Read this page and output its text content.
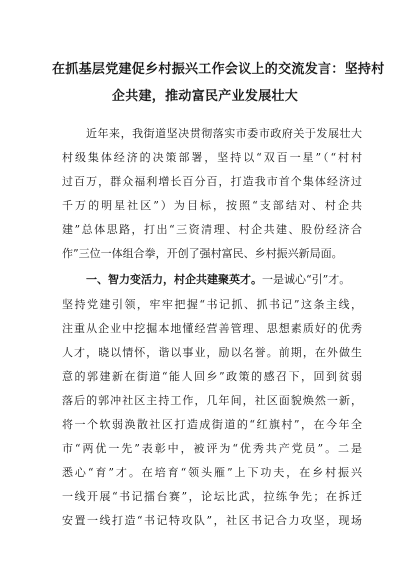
在抓基层党建促乡村振兴工作会议上的交流发言：坚持村

企共建，推动富民产业发展壮大

近年来，我街道坚决贯彻落实市委市政府关于发展壮大

村级集体经济的决策部署，坚持以“双百一星”（“村村

过百万，群众福利增长百分百，打造我市首个集体经济过

千万的明星社区”）为目标，按照“支部结对、村企共

建”总体思路，打出“三资清理、村企共建、股份经济合

作”三位一体组合拳，开创了强村富民、乡村振兴新局面。

一、智力变活力，村企共建聚英才。一是诚心“引”才。

坚持党建引领，牢牢把握“书记抓、抓书记”这条主线，

注重从企业中挖掘本地懂经营善管理、思想素质好的优秀

人才，晓以情怀，谐以事业，励以名誉。前期，在外做生

意的郭建新在街道“能人回乡”政策的感召下，回到贫弱

落后的郭冲社区主持工作，几年间，社区面貌焕然一新，

将一个软弱涣散社区打造成街道的“红旗村”，在今年全

市“两优一先”表彰中，被评为“优秀共产党员”。二是

悉心“育”才。在培育“领头雁”上下功夫，在乡村振兴

一线开展“书记擂台赛”，论坛比武，拉练争先；在拆迁

安置一线打造“书记特攻队”，社区书记合力攻坚，现场
